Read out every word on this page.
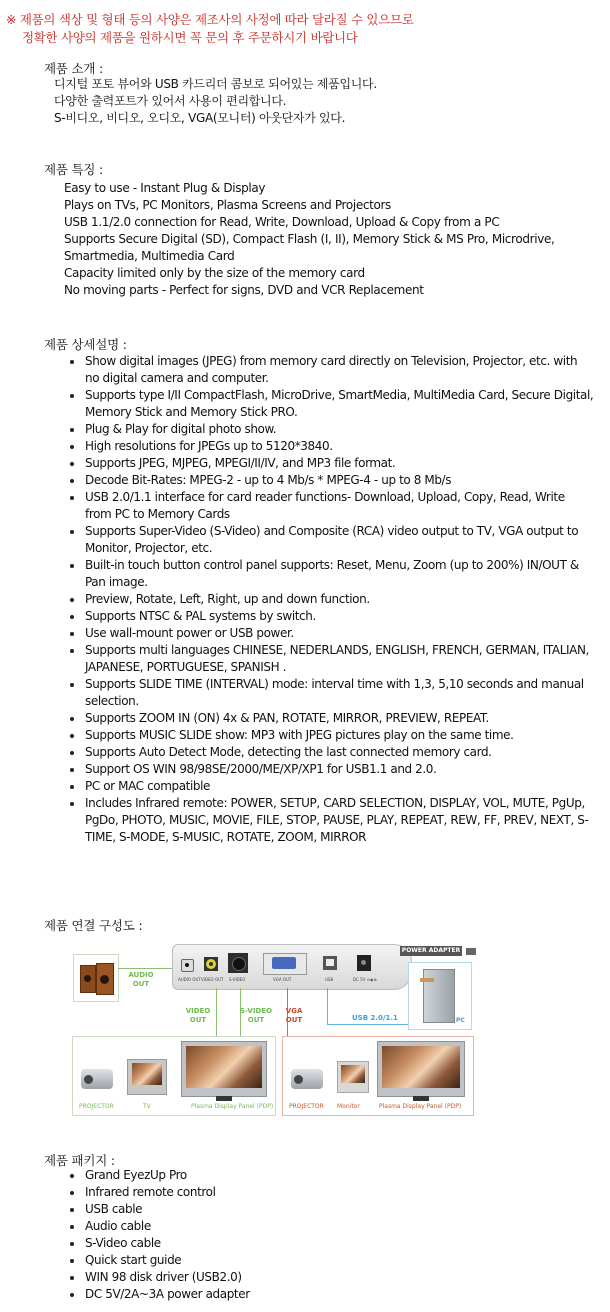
※ 제품의 색상 및 형태 등의 사양은 제조사의 사정에 따라 달라질 수 있으므로
정확한 사양의 제품을 원하시면 꼭 문의 후 주문하시기 바랍니다
제품 소개 :
디지털 포토 뷰어와 USB 카드리더 콤보로 되어있는 제품입니다.
다양한 출력포트가 있어서 사용이 편리합니다.
S-비디오, 비디오, 오디오, VGA(모니터) 아웃단자가 있다.
제품 특징 :
Easy to use - Instant Plug & Display
Plays on TVs, PC Monitors, Plasma Screens and Projectors
USB 1.1/2.0 connection for Read, Write, Download, Upload & Copy from a PC
Supports Secure Digital (SD), Compact Flash (I, II), Memory Stick & MS Pro, Microdrive,
Smartmedia, Multimedia Card
Capacity limited only by the size of the memory card
No moving parts - Perfect for signs, DVD and VCR Replacement
제품 상세설명 :
Show digital images (JPEG) from memory card directly on Television, Projector, etc. with no digital camera and computer.
Supports type I/II CompactFlash, MicroDrive, SmartMedia, MultiMedia Card, Secure Digital, Memory Stick and Memory Stick PRO.
Plug & Play for digital photo show.
High resolutions for JPEGs up to 5120*3840.
Supports JPEG, MJPEG, MPEGI/II/IV, and MP3 file format.
Decode Bit-Rates: MPEG-2 - up to 4 Mb/s * MPEG-4 - up to 8 Mb/s
USB 2.0/1.1 interface for card reader functions- Download, Upload, Copy, Read, Write from PC to Memory Cards
Supports Super-Video (S-Video) and Composite (RCA) video output to TV, VGA output to Monitor, Projector, etc.
Built-in touch button control panel supports: Reset, Menu, Zoom (up to 200%) IN/OUT & Pan image.
Preview, Rotate, Left, Right, up and down function.
Supports NTSC & PAL systems by switch.
Use wall-mount power or USB power.
Supports multi languages CHINESE, NEDERLANDS, ENGLISH, FRENCH, GERMAN, ITALIAN, JAPANESE, PORTUGUESE, SPANISH .
Supports SLIDE TIME (INTERVAL) mode: interval time with 1,3, 5,10 seconds and manual selection.
Supports ZOOM IN (ON) 4x & PAN, ROTATE, MIRROR, PREVIEW, REPEAT.
Supports MUSIC SLIDE show: MP3 with JPEG pictures play on the same time.
Supports Auto Detect Mode, detecting the last connected memory card.
Support OS WIN 98/98SE/2000/ME/XP/XP1 for USB1.1 and 2.0.
PC or MAC compatible
Includes Infrared remote: POWER, SETUP, CARD SELECTION, DISPLAY, VOL, MUTE, PgUp, PgDo, PHOTO, MUSIC, MOVIE, FILE, STOP, PAUSE, PLAY, REPEAT, REW, FF, PREV, NEXT, S-TIME, S-MODE, S-MUSIC, ROTATE, ZOOM, MIRROR
제품 연결 구성도 :
AUDIO
OUT
AUDIO OUT VIDEO OUT S-VIDEO	VGA OUT	USB	DC 5V ⊖◉⊕
POWER ADAPTER
PC
USB 2.0/1.1
VIDEO
OUT
S-VIDEO
OUT
VGA
OUT
PROJECTOR	TV	Plasma Display Panel (PDP)	PROJECTOR Monitor	Plasma Display Panel (PDP)
제품 패키지 :
Grand EyezUp Pro
Infrared remote control
USB cable
Audio cable
S-Video cable
Quick start guide
WIN 98 disk driver (USB2.0)
DC 5V/2A~3A power adapter
